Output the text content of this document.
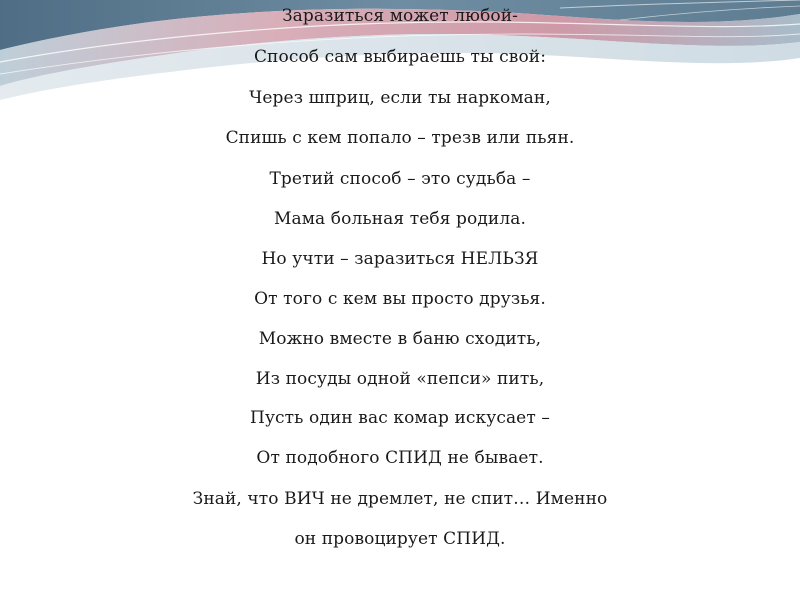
Заразиться может любой-
Способ сам выбираешь ты свой:
Через шприц, если ты наркоман,
Спишь с кем попало – трезв или пьян.
Третий способ – это судьба –
Мама больная тебя родила.
Но учти – заразиться НЕЛЬЗЯ
От того с кем вы просто друзья.
Можно вместе в баню сходить,
Из посуды одной «пепси» пить,
Пусть один вас комар искусает –
От подобного СПИД не бывает.
Знай, что ВИЧ не дремлет, не спит… Именно
он провоцирует СПИД.
